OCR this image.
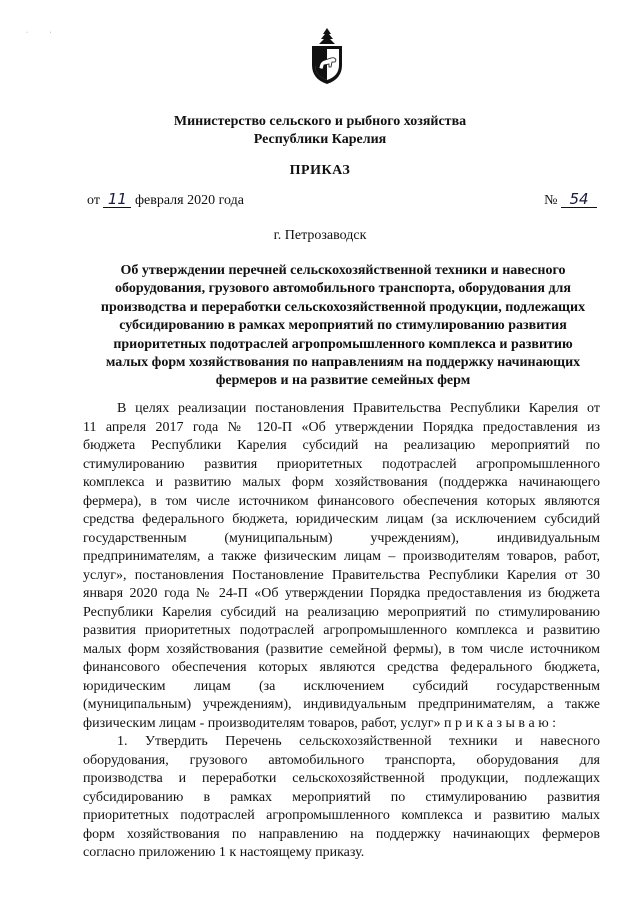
· ·
Министерство сельского и рыбного хозяйства
Республики Карелия
ПРИКАЗ
от 11 февраля 2020 года	№ 54
г. Петрозаводск
Об утверждении перечней сельскохозяйственной техники и навесного
оборудования, грузового автомобильного транспорта, оборудования для
производства и переработки сельскохозяйственной продукции, подлежащих
субсидированию в рамках мероприятий по стимулированию развития
приоритетных подотраслей агропромышленного комплекса и развитию
малых форм хозяйствования по направлениям на поддержку начинающих
фермеров и на развитие семейных ферм
В целях реализации постановления Правительства Республики Карелия от
11 апреля 2017 года № 120-П «Об утверждении Порядка предоставления из
бюджета Республики Карелия субсидий на реализацию мероприятий по
стимулированию развития приоритетных подотраслей агропромышленного
комплекса и развитию малых форм хозяйствования (поддержка начинающего
фермера), в том числе источником финансового обеспечения которых являются
средства федерального бюджета, юридическим лицам (за исключением субсидий
государственным (муниципальным) учреждениям), индивидуальным
предпринимателям, а также физическим лицам – производителям товаров, работ,
услуг», постановления Постановление Правительства Республики Карелия от 30
января 2020 года № 24-П «Об утверждении Порядка предоставления из бюджета
Республики Карелия субсидий на реализацию мероприятий по стимулированию
развития приоритетных подотраслей агропромышленного комплекса и развитию
малых форм хозяйствования (развитие семейной фермы), в том числе источником
финансового обеспечения которых являются средства федерального бюджета,
юридическим лицам (за исключением субсидий государственным
(муниципальным) учреждениям), индивидуальным предпринимателям, а также
физическим лицам - производителям товаров, работ, услуг» п р и к а з ы в а ю :
1. Утвердить Перечень сельскохозяйственной техники и навесного
оборудования, грузового автомобильного транспорта, оборудования для
производства и переработки сельскохозяйственной продукции, подлежащих
субсидированию в рамках мероприятий по стимулированию развития
приоритетных подотраслей агропромышленного комплекса и развитию малых
форм хозяйствования по направлению на поддержку начинающих фермеров
согласно приложению 1 к настоящему приказу.
